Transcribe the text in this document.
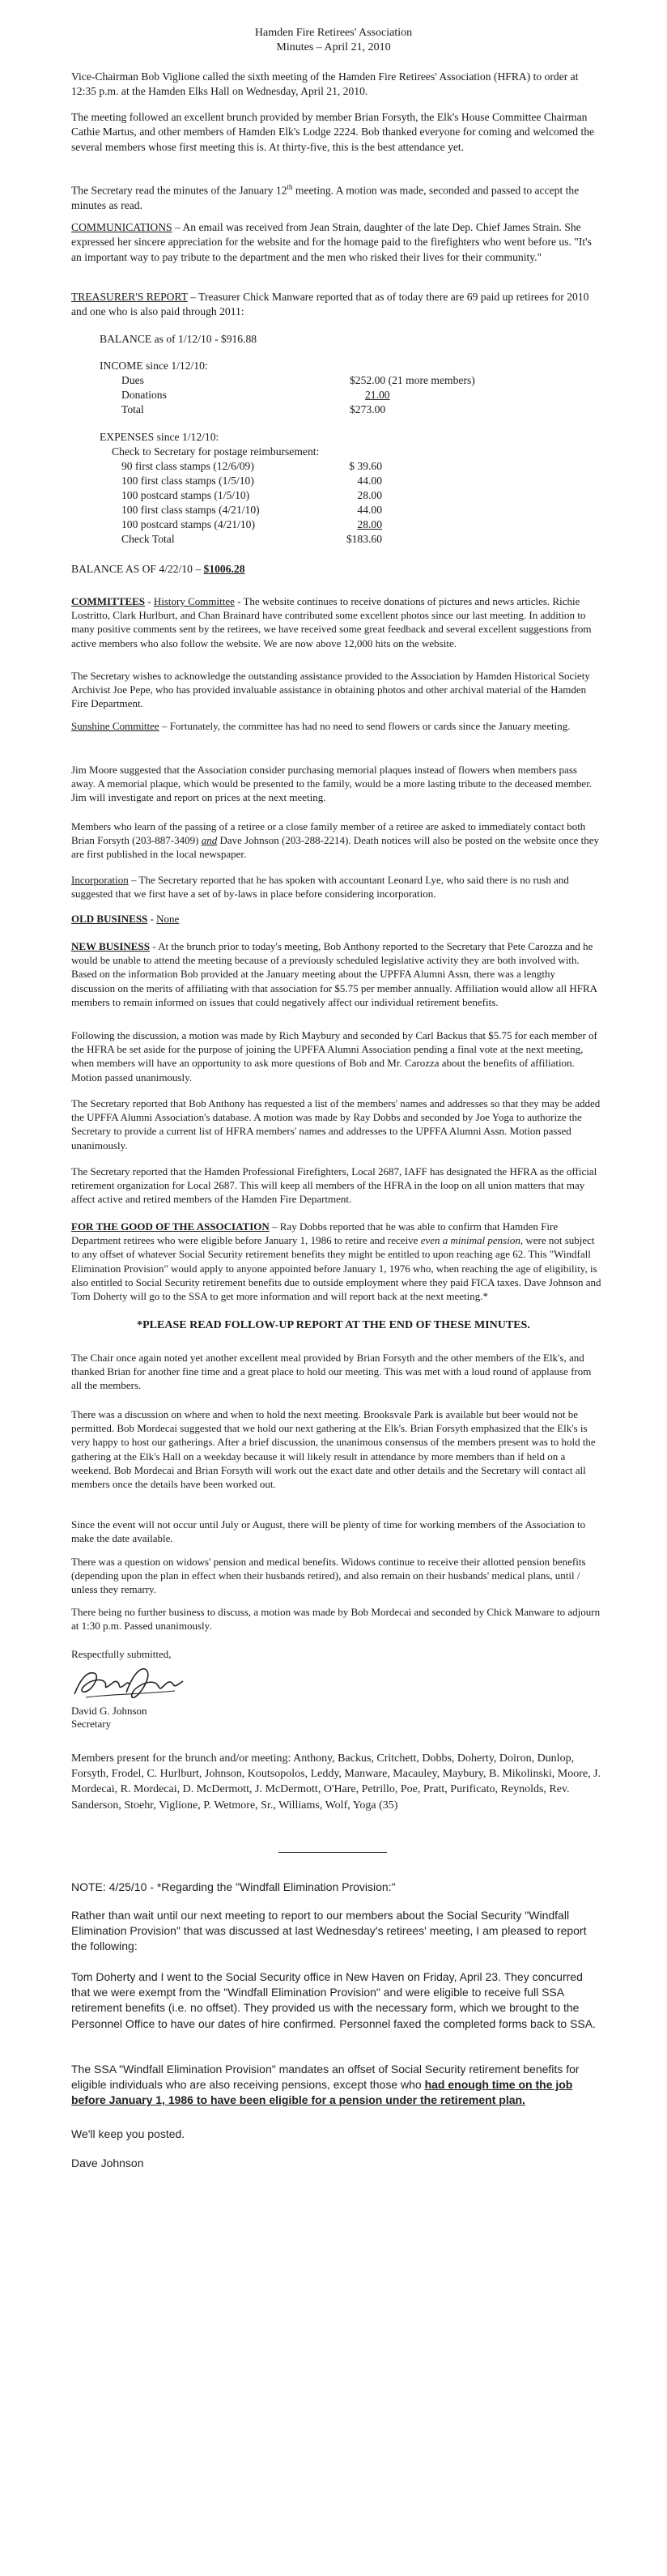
Hamden Fire Retirees' Association
Minutes – April 21, 2010

Vice-Chairman Bob Viglione called the sixth meeting of the Hamden Fire Retirees' Association (HFRA) to order at 12:35 p.m. at the Hamden Elks Hall on Wednesday, April 21, 2010.

The meeting followed an excellent brunch provided by member Brian Forsyth, the Elk's House Committee Chairman Cathie Martus, and other members of Hamden Elk's Lodge 2224. Bob thanked everyone for coming and welcomed the several members whose first meeting this is. At thirty-five, this is the best attendance yet.

The Secretary read the minutes of the January 12th meeting. A motion was made, seconded and passed to accept the minutes as read.

COMMUNICATIONS – An email was received from Jean Strain, daughter of the late Dep. Chief James Strain. She expressed her sincere appreciation for the website and for the homage paid to the firefighters who went before us. "It's an important way to pay tribute to the department and the men who risked their lives for their community."

TREASURER'S REPORT – Treasurer Chick Manware reported that as of today there are 69 paid up retirees for 2010 and one who is also paid through 2011:

BALANCE as of 1/12/10 - $916.88
INCOME since 1/12/10:
Dues	$252.00 (21 more members)
Donations	21.00
Total	$273.00
EXPENSES since 1/12/10:
Check to Secretary for postage reimbursement:
90 first class stamps (12/6/09)	$ 39.60
100 first class stamps (1/5/10)	44.00
100 postcard stamps (1/5/10)	28.00
100 first class stamps (4/21/10)	44.00
100 postcard stamps (4/21/10)	28.00
Check Total	$183.60
BALANCE AS OF 4/22/10 – $1006.28

COMMITTEES - History Committee - The website continues to receive donations of pictures and news articles. Richie Lostritto, Clark Hurlburt, and Chan Brainard have contributed some excellent photos since our last meeting. In addition to many positive comments sent by the retirees, we have received some great feedback and several excellent suggestions from active members who also follow the website. We are now above 12,000 hits on the website.

The Secretary wishes to acknowledge the outstanding assistance provided to the Association by Hamden Historical Society Archivist Joe Pepe, who has provided invaluable assistance in obtaining photos and other archival material of the Hamden Fire Department.

Sunshine Committee – Fortunately, the committee has had no need to send flowers or cards since the January meeting.

Jim Moore suggested that the Association consider purchasing memorial plaques instead of flowers when members pass away. A memorial plaque, which would be presented to the family, would be a more lasting tribute to the deceased member. Jim will investigate and report on prices at the next meeting.

Members who learn of the passing of a retiree or a close family member of a retiree are asked to immediately contact both Brian Forsyth (203-887-3409) and Dave Johnson (203-288-2214). Death notices will also be posted on the website once they are first published in the local newspaper.

Incorporation – The Secretary reported that he has spoken with accountant Leonard Lye, who said there is no rush and suggested that we first have a set of by-laws in place before considering incorporation.

OLD BUSINESS - None

NEW BUSINESS - At the brunch prior to today's meeting, Bob Anthony reported to the Secretary that Pete Carozza and he would be unable to attend the meeting because of a previously scheduled legislative activity they are both involved with. Based on the information Bob provided at the January meeting about the UPFFA Alumni Assn, there was a lengthy discussion on the merits of affiliating with that association for $5.75 per member annually. Affiliation would allow all HFRA members to remain informed on issues that could negatively affect our individual retirement benefits.

Following the discussion, a motion was made by Rich Maybury and seconded by Carl Backus that $5.75 for each member of the HFRA be set aside for the purpose of joining the UPFFA Alumni Association pending a final vote at the next meeting, when members will have an opportunity to ask more questions of Bob and Mr. Carozza about the benefits of affiliation. Motion passed unanimously.

The Secretary reported that Bob Anthony has requested a list of the members' names and addresses so that they may be added the UPFFA Alumni Association's database. A motion was made by Ray Dobbs and seconded by Joe Yoga to authorize the Secretary to provide a current list of HFRA members' names and addresses to the UPFFA Alumni Assn. Motion passed unanimously.

The Secretary reported that the Hamden Professional Firefighters, Local 2687, IAFF has designated the HFRA as the official retirement organization for Local 2687. This will keep all members of the HFRA in the loop on all union matters that may affect active and retired members of the Hamden Fire Department.

FOR THE GOOD OF THE ASSOCIATION – Ray Dobbs reported that he was able to confirm that Hamden Fire Department retirees who were eligible before January 1, 1986 to retire and receive even a minimal pension, were not subject to any offset of whatever Social Security retirement benefits they might be entitled to upon reaching age 62. This "Windfall Elimination Provision" would apply to anyone appointed before January 1, 1976 who, when reaching the age of eligibility, is also entitled to Social Security retirement benefits due to outside employment where they paid FICA taxes. Dave Johnson and Tom Doherty will go to the SSA to get more information and will report back at the next meeting.*

*PLEASE READ FOLLOW-UP REPORT AT THE END OF THESE MINUTES.

The Chair once again noted yet another excellent meal provided by Brian Forsyth and the other members of the Elk's, and thanked Brian for another fine time and a great place to hold our meeting. This was met with a loud round of applause from all the members.

There was a discussion on where and when to hold the next meeting. Brooksvale Park is available but beer would not be permitted. Bob Mordecai suggested that we hold our next gathering at the Elk's. Brian Forsyth emphasized that the Elk's is very happy to host our gatherings. After a brief discussion, the unanimous consensus of the members present was to hold the gathering at the Elk's Hall on a weekday because it will likely result in attendance by more members than if held on a weekend. Bob Mordecai and Brian Forsyth will work out the exact date and other details and the Secretary will contact all members once the details have been worked out.

Since the event will not occur until July or August, there will be plenty of time for working members of the Association to make the date available.

There was a question on widows' pension and medical benefits. Widows continue to receive their allotted pension benefits (depending upon the plan in effect when their husbands retired), and also remain on their husbands' medical plans, until / unless they remarry.

There being no further business to discuss, a motion was made by Bob Mordecai and seconded by Chick Manware to adjourn at 1:30 p.m. Passed unanimously.

Respectfully submitted,
David G. Johnson
Secretary

Members present for the brunch and/or meeting: Anthony, Backus, Critchett, Dobbs, Doherty, Doiron, Dunlop, Forsyth, Frodel, C. Hurlburt, Johnson, Koutsopolos, Leddy, Manware, Macauley, Maybury, B. Mikolinski, Moore, J. Mordecai, R. Mordecai, D. McDermott, J. McDermott, O'Hare, Petrillo, Poe, Pratt, Purificato, Reynolds, Rev. Sanderson, Stoehr, Viglione, P. Wetmore, Sr., Williams, Wolf, Yoga (35)

NOTE: 4/25/10 - *Regarding the "Windfall Elimination Provision:"

Rather than wait until our next meeting to report to our members about the Social Security "Windfall Elimination Provision" that was discussed at last Wednesday's retirees' meeting, I am pleased to report the following:

Tom Doherty and I went to the Social Security office in New Haven on Friday, April 23. They concurred that we were exempt from the "Windfall Elimination Provision" and were eligible to receive full SSA retirement benefits (i.e. no offset). They provided us with the necessary form, which we brought to the Personnel Office to have our dates of hire confirmed. Personnel faxed the completed forms back to SSA.

The SSA "Windfall Elimination Provision" mandates an offset of Social Security retirement benefits for eligible individuals who are also receiving pensions, except those who had enough time on the job before January 1, 1986 to have been eligible for a pension under the retirement plan.

We'll keep you posted.
Dave Johnson
